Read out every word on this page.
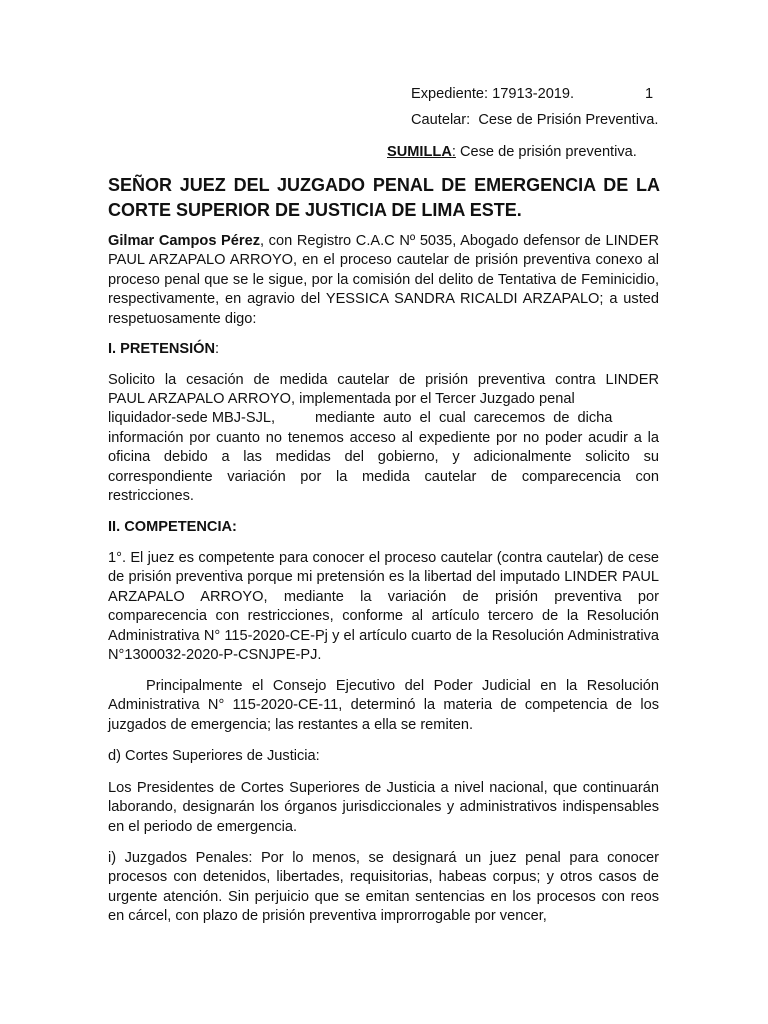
Expediente: 17913-2019.	1
Cautelar: Cese de Prisión Preventiva.
SUMILLA: Cese de prisión preventiva.

SEÑOR JUEZ DEL JUZGADO PENAL DE EMERGENCIA DE LA CORTE SUPERIOR DE JUSTICIA DE LIMA ESTE.

Gilmar Campos Pérez, con Registro C.A.C Nº 5035, Abogado defensor de LINDER PAUL ARZAPALO ARROYO, en el proceso cautelar de prisión preventiva conexo al proceso penal que se le sigue, por la comisión del delito de Tentativa de Feminicidio, respectivamente, en agravio del YESSICA SANDRA RICALDI ARZAPALO; a usted respetuosamente digo:

I. PRETENSIÓN:

Solicito la cesación de medida cautelar de prisión preventiva contra LINDER
PAUL ARZAPALO ARROYO, implementada por el Tercer Juzgado penal
liquidador-sede MBJ-SJL,	mediante auto el cual carecemos de dicha

información por cuanto no tenemos acceso al expediente por no poder acudir a la oficina debido a las medidas del gobierno, y adicionalmente solicito su correspondiente variación por la medida cautelar de comparecencia con restricciones.

II. COMPETENCIA:

1°. El juez es competente para conocer el proceso cautelar (contra cautelar) de cese de prisión preventiva porque mi pretensión es la libertad del imputado LINDER PAUL ARZAPALO ARROYO, mediante la variación de prisión preventiva por comparecencia con restricciones, conforme al artículo tercero de la Resolución Administrativa N° 115-2020-CE-Pj y el artículo cuarto de la Resolución Administrativa N°1300032-2020-P-CSNJPE-PJ.

Principalmente el Consejo Ejecutivo del Poder Judicial en la Resolución Administrativa N° 115-2020-CE-11, determinó la materia de competencia de los juzgados de emergencia; las restantes a ella se remiten.

d) Cortes Superiores de Justicia:

Los Presidentes de Cortes Superiores de Justicia a nivel nacional, que continuarán laborando, designarán los órganos jurisdiccionales y administrativos indispensables en el periodo de emergencia.

i) Juzgados Penales: Por lo menos, se designará un juez penal para conocer procesos con detenidos, libertades, requisitorias, habeas corpus; y otros casos de urgente atención. Sin perjuicio que se emitan sentencias en los procesos con reos en cárcel, con plazo de prisión preventiva improrrogable por vencer,
